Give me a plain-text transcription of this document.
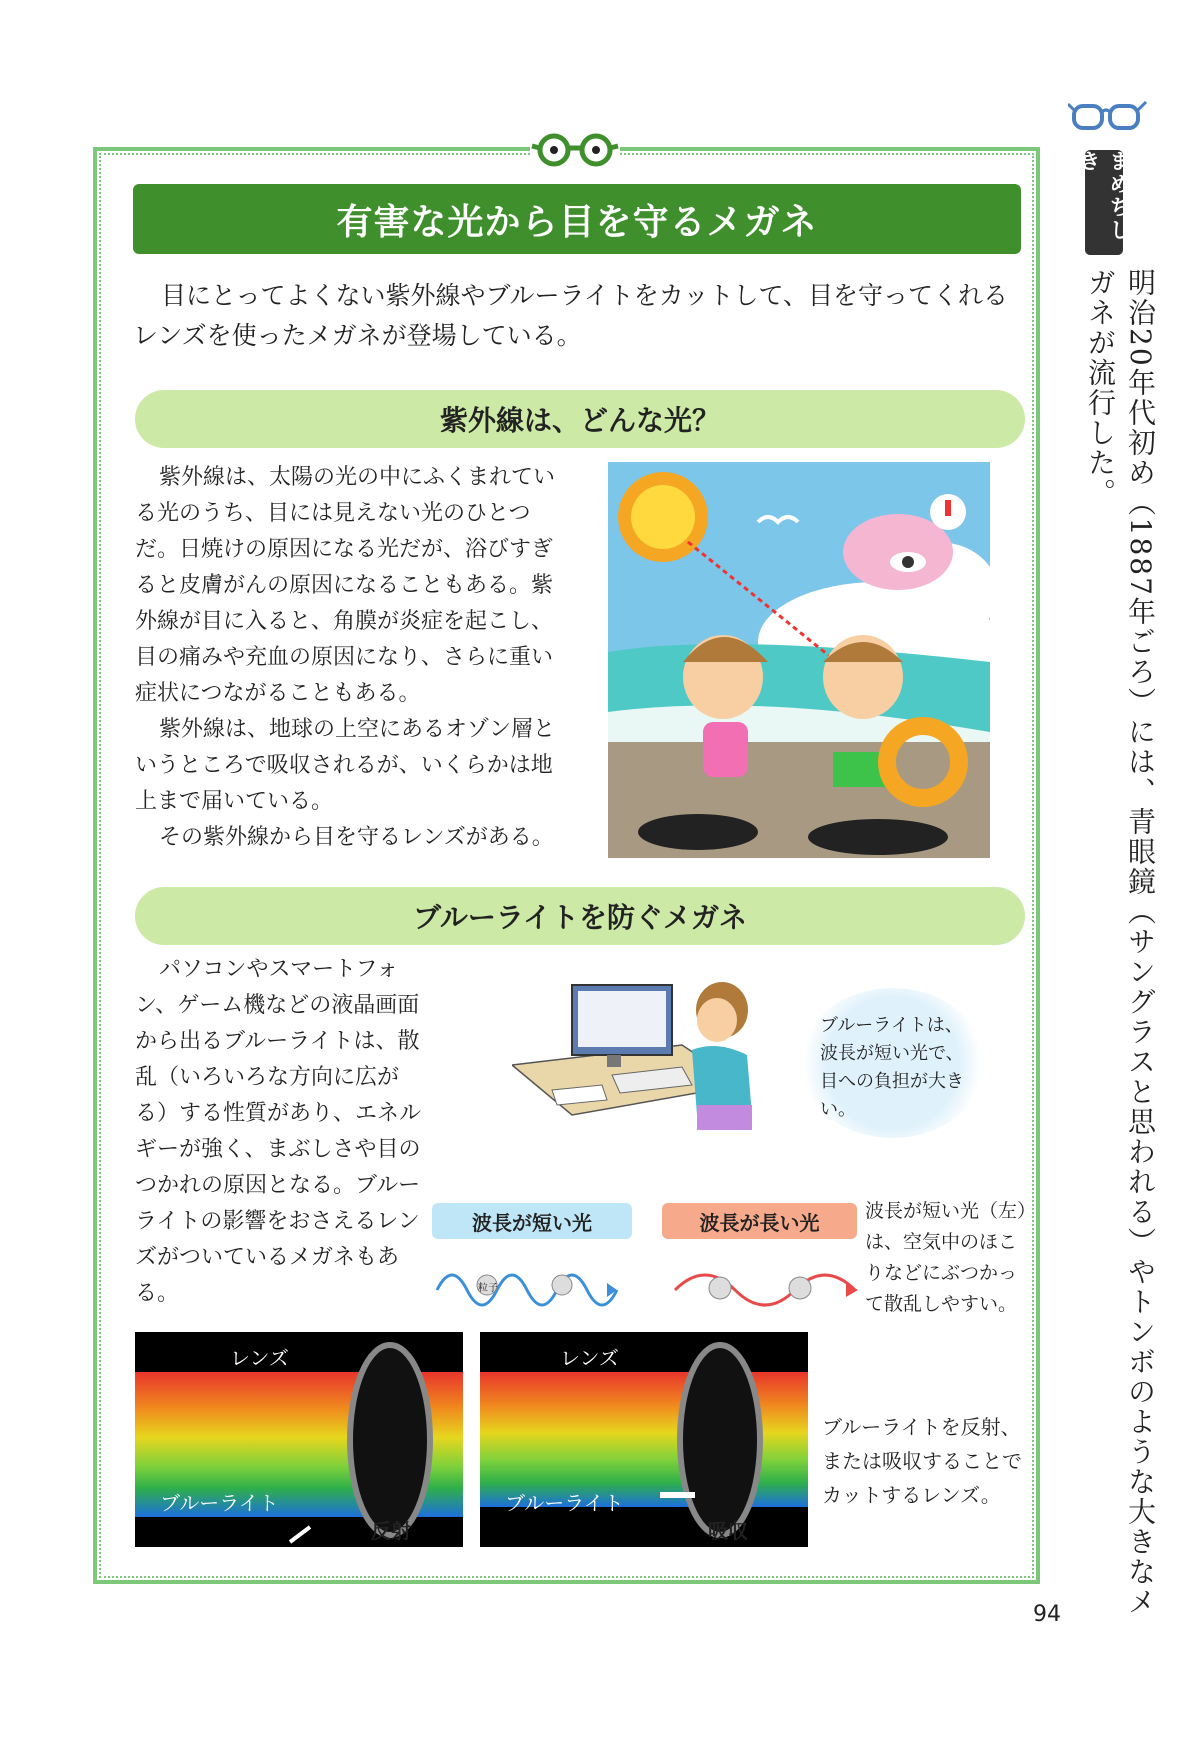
有害な光から目を守るメガネ
目にとってよくない紫外線やブルーライトをカットして、目を守ってくれるレンズを使ったメガネが登場している。
紫外線は、どんな光？

紫外線は、太陽の光の中にふくまれている光のうち、目には見えない光のひとつだ。日焼けの原因になる光だが、浴びすぎると皮膚がんの原因になることもある。紫外線が目に入ると、角膜が炎症を起こし、目の痛みや充血の原因になり、さらに重い症状につながることもある。

紫外線は、地球の上空にあるオゾン層というところで吸収されるが、いくらかは地上まで届いている。

その紫外線から目を守るレンズがある。

ブルーライトを防ぐメガネ

パソコンやスマートフォン、ゲーム機などの液晶画面から出るブルーライトは、散乱（いろいろな方向に広がる）する性質があり、エネルギーが強く、まぶしさや目のつかれの原因となる。ブルーライトの影響をおさえるレンズがついているメガネもある。

ブルーライトは、波長が短い光で、目への負担が大きい。
波長が短い光	波長が長い光
粒子
波長が短い光（左）は、空気中のほこりなどにぶつかって散乱しやすい。
レンズ
ブルーライト
反射
レンズ
ブルーライト
吸収
ブルーライトを反射、または吸収することでカットするレンズ。
まめちしき
明治20年代初め（1887年ごろ）には、青眼鏡（サングラスと思われる）やトンボのような大きなメガネが流行した。
94
